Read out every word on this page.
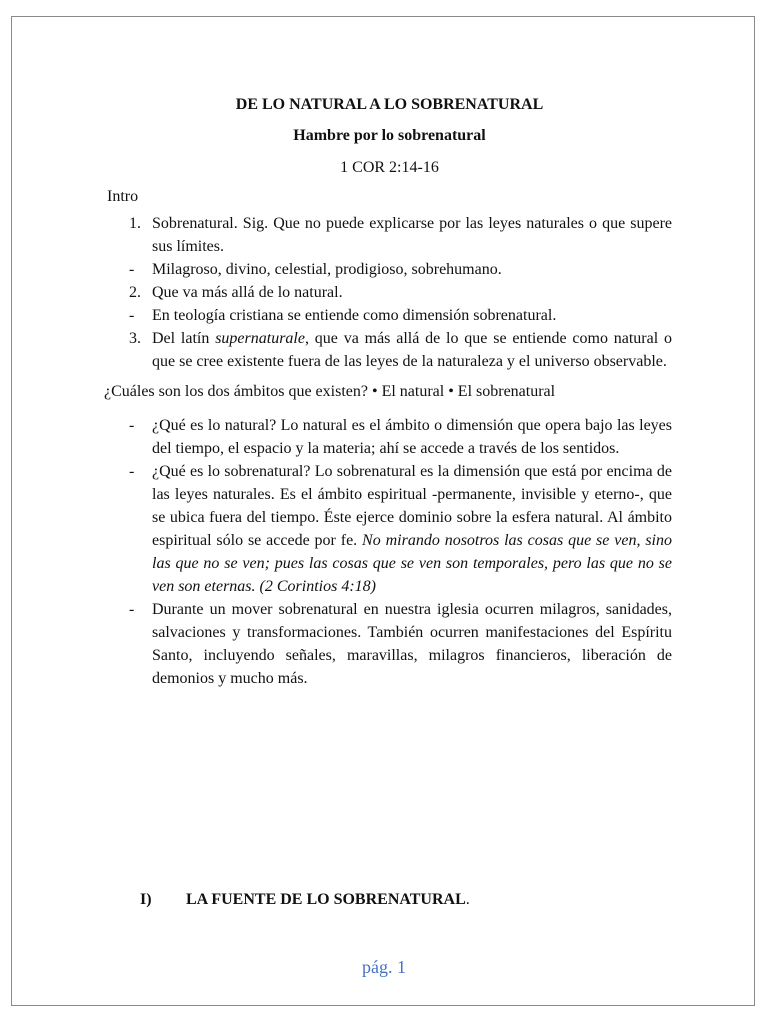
DE LO NATURAL A LO SOBRENATURAL

Hambre por lo sobrenatural

1 COR 2:14-16

Intro

1. Sobrenatural. Sig. Que no puede explicarse por las leyes naturales o que supere sus límites.
-	Milagroso, divino, celestial, prodigioso, sobrehumano.
2. Que va más allá de lo natural.
-	En teología cristiana se entiende como dimensión sobrenatural.
3. Del latín supernaturale, que va más allá de lo que se entiende como natural o que se cree existente fuera de las leyes de la naturaleza y el universo observable.

¿Cuáles son los dos ámbitos que existen? • El natural • El sobrenatural

-	¿Qué es lo natural? Lo natural es el ámbito o dimensión que opera bajo las leyes del tiempo, el espacio y la materia; ahí se accede a través de los sentidos.
-	¿Qué es lo sobrenatural? Lo sobrenatural es la dimensión que está por encima de las leyes naturales. Es el ámbito espiritual -permanente, invisible y eterno-, que se ubica fuera del tiempo. Éste ejerce dominio sobre la esfera natural. Al ámbito espiritual sólo se accede por fe. No mirando nosotros las cosas que se ven, sino las que no se ven; pues las cosas que se ven son temporales, pero las que no se ven son eternas. (2 Corintios 4:18)
-	Durante un mover sobrenatural en nuestra iglesia ocurren milagros, sanidades, salvaciones y transformaciones. También ocurren manifestaciones del Espíritu Santo, incluyendo señales, maravillas, milagros financieros, liberación de demonios y mucho más.
I) LA FUENTE DE LO SOBRENATURAL.
pág. 1
